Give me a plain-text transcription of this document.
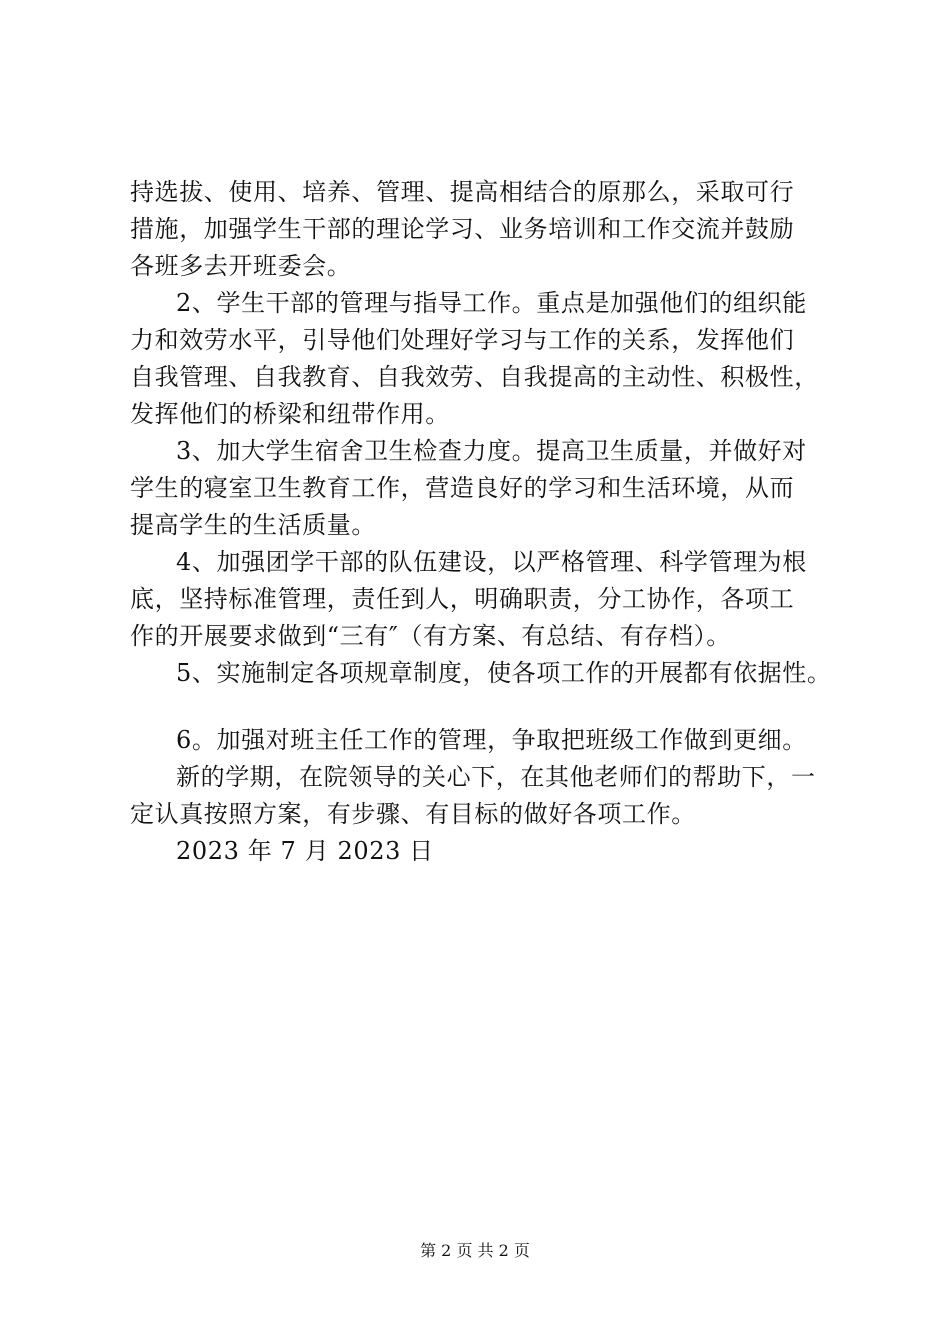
持选拔、使用、培养、管理、提高相结合的原那么，采取可行
措施，加强学生干部的理论学习、业务培训和工作交流并鼓励
各班多去开班委会。
2、学生干部的管理与指导工作。重点是加强他们的组织能
力和效劳水平，引导他们处理好学习与工作的关系，发挥他们
自我管理、自我教育、自我效劳、自我提高的主动性、积极性，
发挥他们的桥梁和纽带作用。
3、加大学生宿舍卫生检查力度。提高卫生质量，并做好对
学生的寝室卫生教育工作，营造良好的学习和生活环境，从而
提高学生的生活质量。
4、加强团学干部的队伍建设，以严格管理、科学管理为根
底，坚持标准管理，责任到人，明确职责，分工协作，各项工
作的开展要求做到“三有″（有方案、有总结、有存档）。
5、实施制定各项规章制度，使各项工作的开展都有依据性。
6。加强对班主任工作的管理，争取把班级工作做到更细。
新的学期，在院领导的关心下，在其他老师们的帮助下，一
定认真按照方案，有步骤、有目标的做好各项工作。
2023 年 7 月 2023 日
第 2 页 共 2 页
